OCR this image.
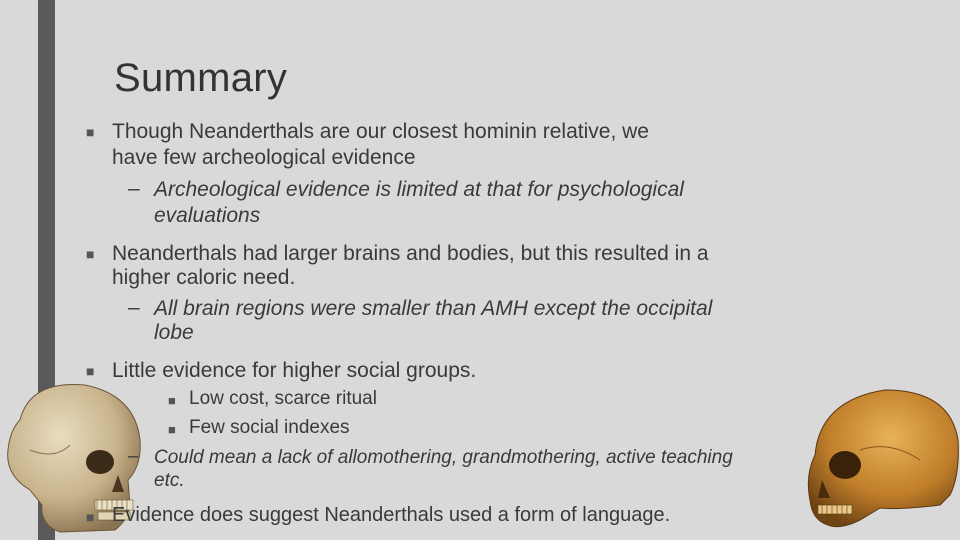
Summary
■ Though Neanderthals are our closest hominin relative, we
have few archeological evidence
– Archeological evidence is limited at that for psychological
evaluations
■ Neanderthals had larger brains and bodies, but this resulted in a
higher caloric need.
– All brain regions were smaller than AMH except the occipital
lobe
■ Little evidence for higher social groups.
■ Low cost, scarce ritual
■ Few social indexes
– Could mean a lack of allomothering, grandmothering, active teaching
etc.
■ Evidence does suggest Neanderthals used a form of language.
